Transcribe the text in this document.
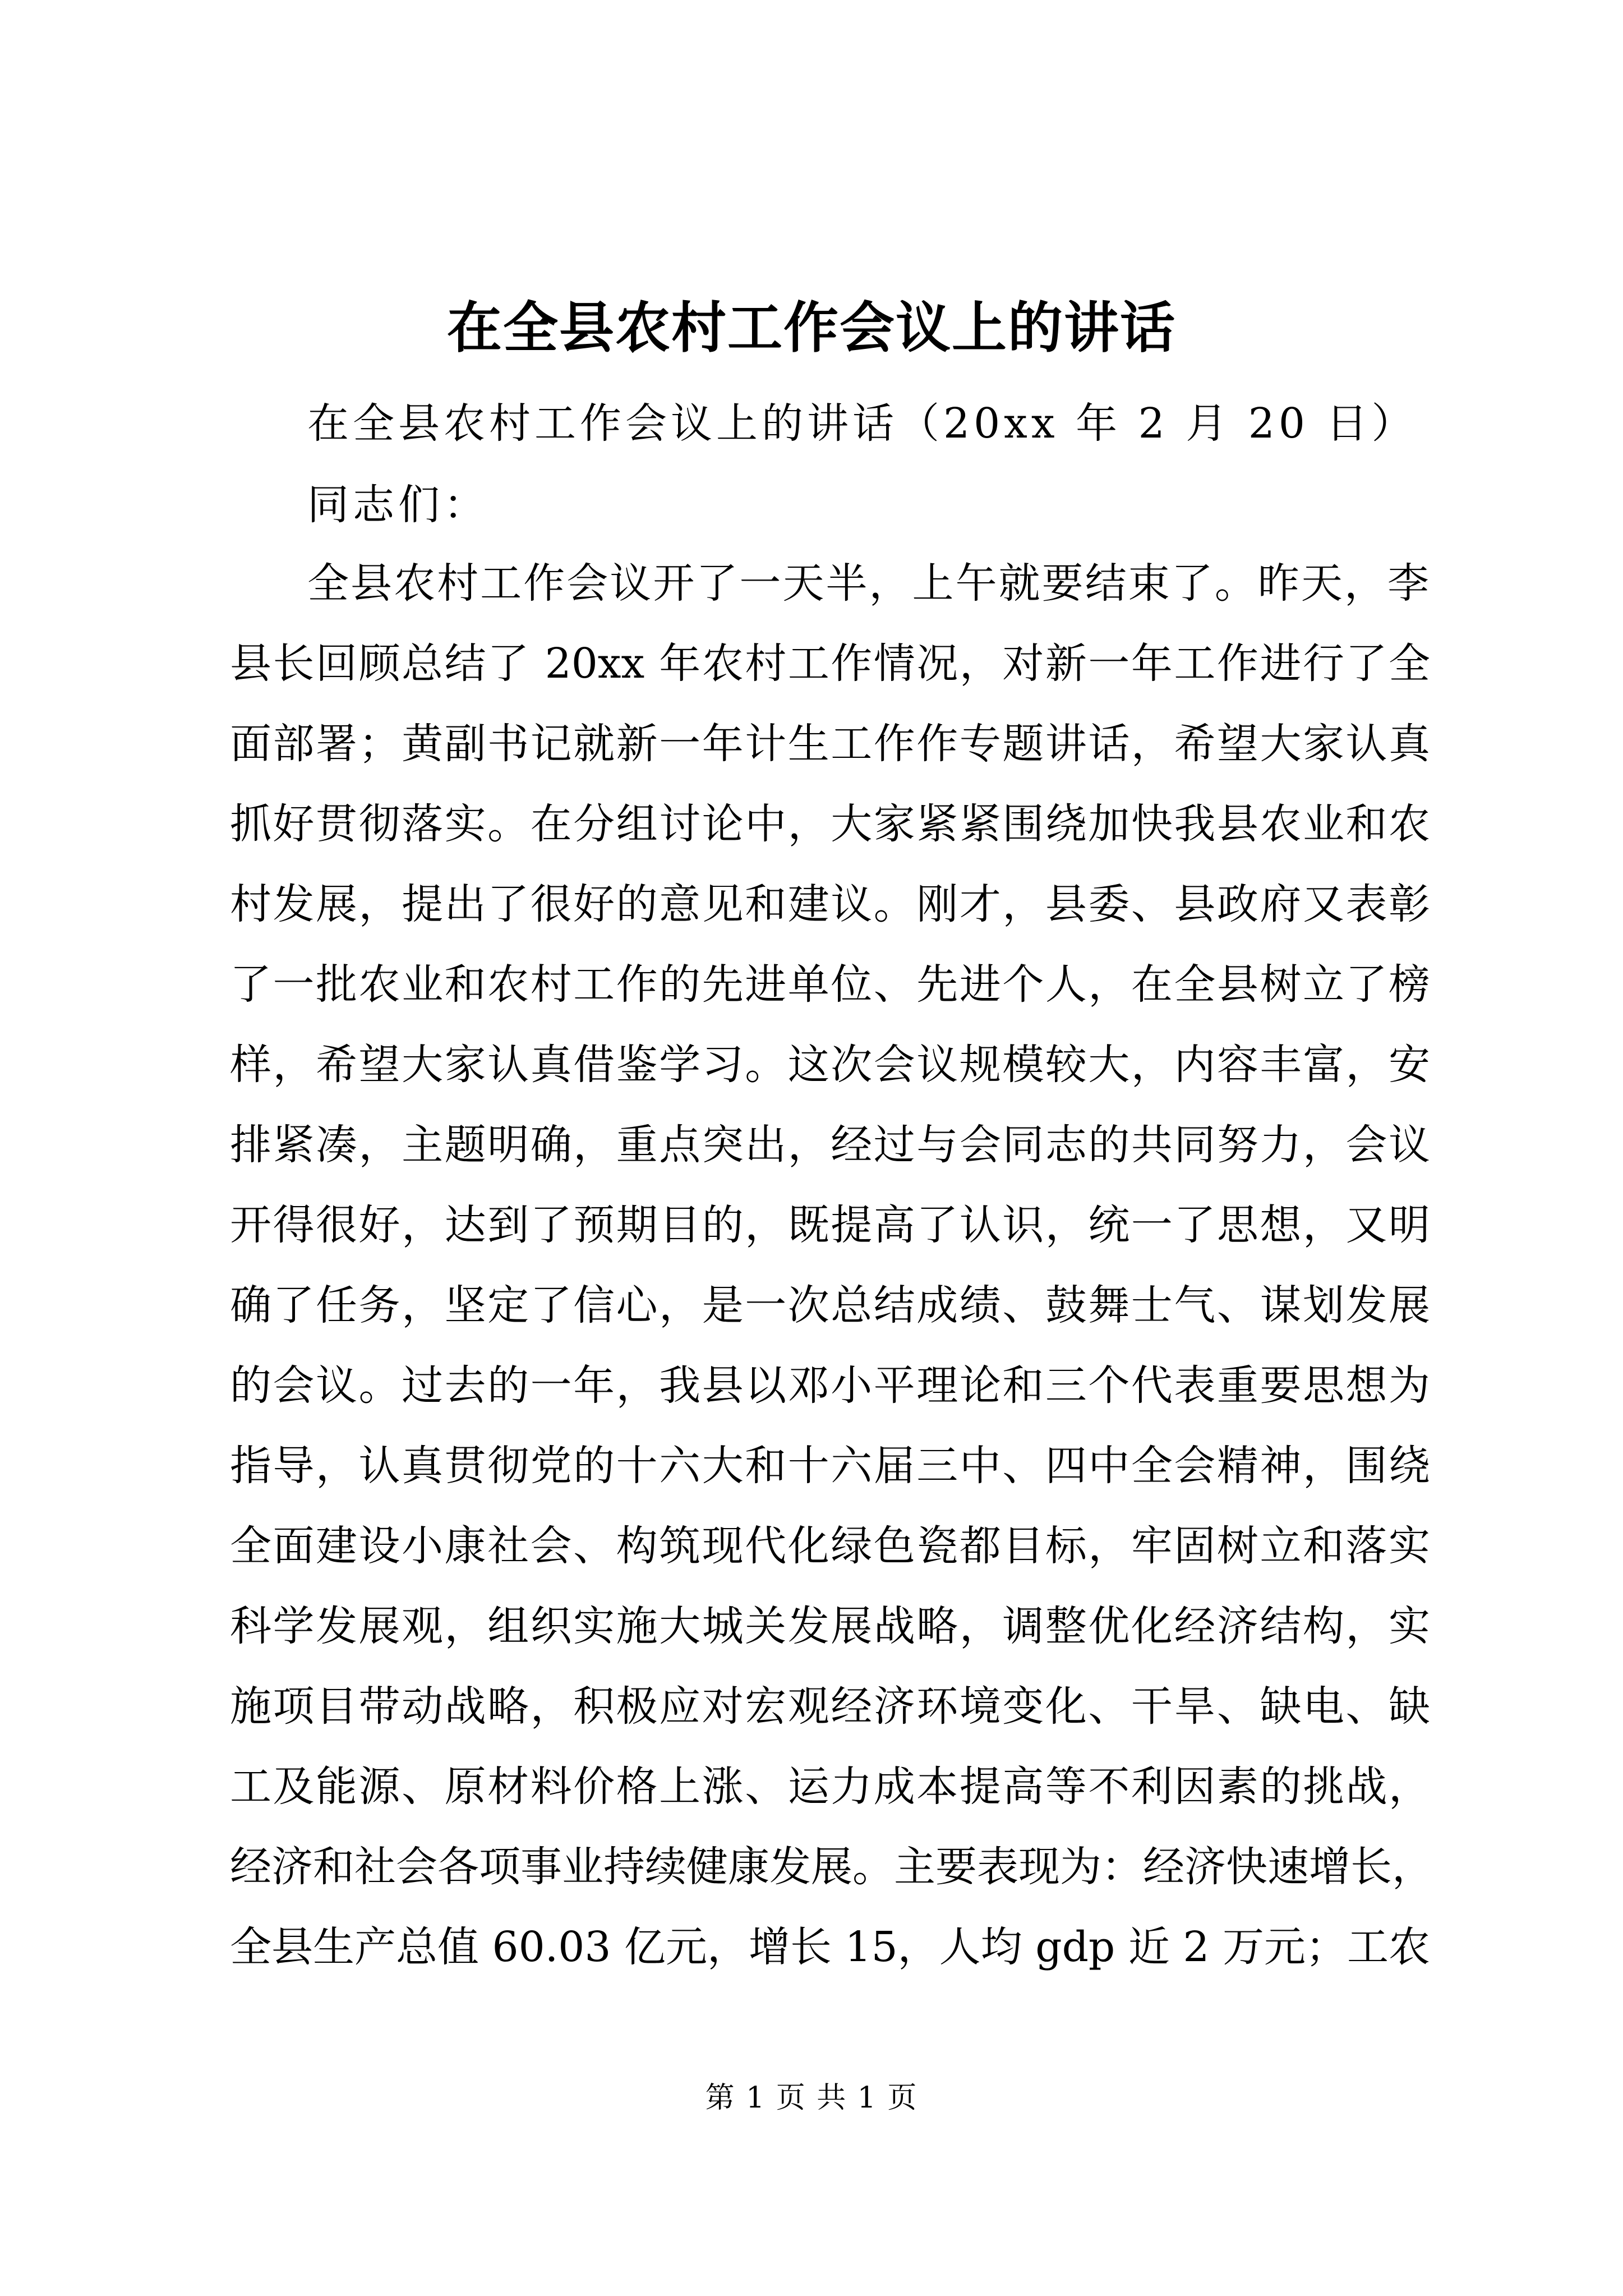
在全县农村工作会议上的讲话
在全县农村工作会议上的讲话（20xx 年 2 月 20 日）
同志们：
全县农村工作会议开了一天半，上午就要结束了。昨天，李
县长回顾总结了 20xx 年农村工作情况，对新一年工作进行了全
面部署；黄副书记就新一年计生工作作专题讲话，希望大家认真
抓好贯彻落实。在分组讨论中，大家紧紧围绕加快我县农业和农
村发展，提出了很好的意见和建议。刚才，县委、县政府又表彰
了一批农业和农村工作的先进单位、先进个人，在全县树立了榜
样，希望大家认真借鉴学习。这次会议规模较大，内容丰富，安
排紧凑，主题明确，重点突出，经过与会同志的共同努力，会议
开得很好，达到了预期目的，既提高了认识，统一了思想，又明
确了任务，坚定了信心，是一次总结成绩、鼓舞士气、谋划发展
的会议。过去的一年，我县以邓小平理论和三个代表重要思想为
指导，认真贯彻党的十六大和十六届三中、四中全会精神，围绕
全面建设小康社会、构筑现代化绿色瓷都目标，牢固树立和落实
科学发展观，组织实施大城关发展战略，调整优化经济结构，实
施项目带动战略，积极应对宏观经济环境变化、干旱、缺电、缺
工及能源、原材料价格上涨、运力成本提高等不利因素的挑战，
经济和社会各项事业持续健康发展。主要表现为：经济快速增长，
全县生产总值 60.03 亿元，增长 15，人均 gdp 近 2 万元；工农
第 1 页 共 1 页
